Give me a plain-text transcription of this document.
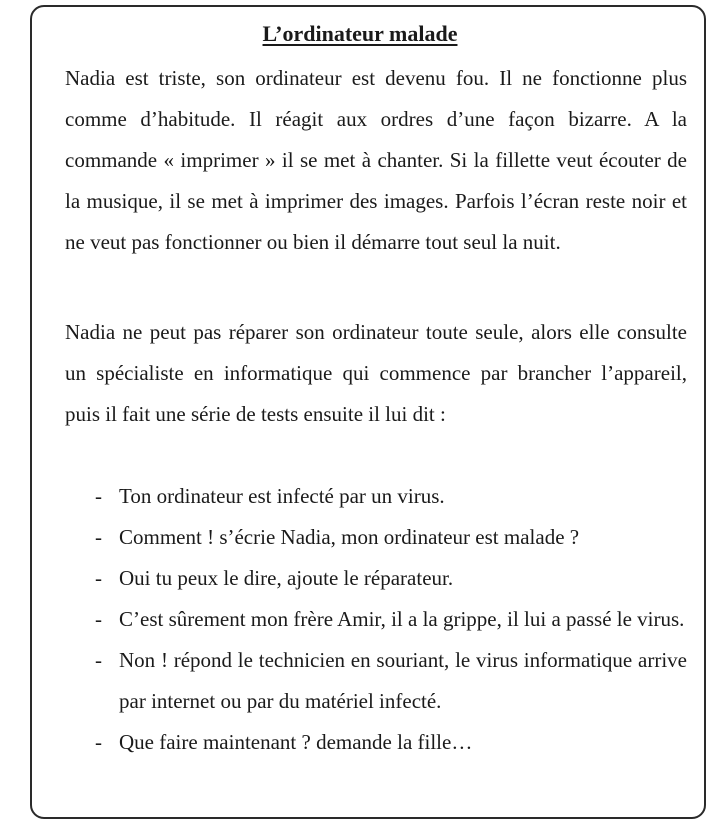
L’ordinateur malade
Nadia est triste, son ordinateur est devenu fou. Il ne fonctionne plus comme d’habitude. Il réagit aux ordres d’une façon bizarre. A la commande « imprimer » il se met à chanter. Si la fillette veut écouter de la musique, il se met à imprimer des images. Parfois l’écran reste noir et ne veut pas fonctionner ou bien il démarre tout seul la nuit.
Nadia ne peut pas réparer son ordinateur toute seule, alors elle consulte un spécialiste en informatique qui commence par brancher l’appareil, puis il fait une série de tests ensuite il lui dit :
- Ton ordinateur est infecté par un virus.
- Comment ! s’écrie Nadia, mon ordinateur est malade ?
- Oui tu peux le dire, ajoute le réparateur.
- C’est sûrement mon frère Amir, il a la grippe, il lui a passé le virus.
- Non ! répond le technicien en souriant, le virus informatique arrive par internet ou par du matériel infecté.
- Que faire maintenant ? demande la fille…
